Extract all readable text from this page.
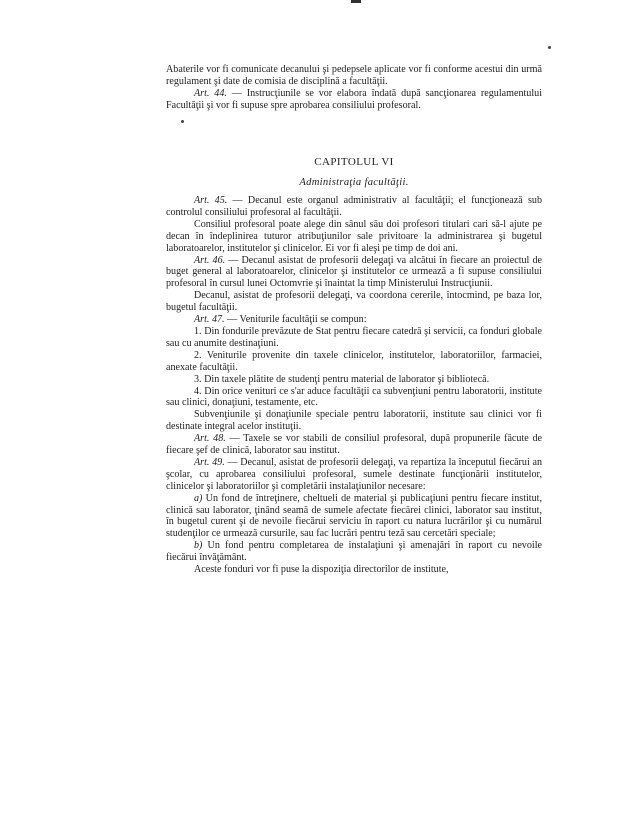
Abaterile vor fi comunicate decanului şi pedepsele aplicate vor fi conforme acestui din urmă regulament şi date de comisia de disciplină a facultăţii.

Art. 44. — Instrucţiunile se vor elabora îndată după sancţionarea regulamentului Facultăţii şi vor fi supuse spre aprobarea consiliului profesoral.

CAPITOLUL VI
Administraţia facultăţii.

Art. 45. — Decanul este organul administrativ al facultăţii; el funcţionează sub controlul consiliului profesoral al facultăţii.

Consiliul profesoral poate alege din sânul său doi profesori titulari cari să-l ajute pe decan în îndeplinirea tuturor atribuţiunilor sale privitoare la administrarea şi bugetul laboratoarelor, institutelor şi clinicelor. Ei vor fi aleşi pe timp de doi ani.

Art. 46. — Decanul asistat de profesorii delegaţi va alcătui în fiecare an proiectul de buget general al laboratoarelor, clinicelor şi institutelor ce urmează a fi supuse consiliului profesoral în cursul lunei Octomvrie şi înaintat la timp Ministerului Instrucţiunii.

Decanul, asistat de profesorii delegaţi, va coordona cererile, întocmind, pe baza lor, bugetul facultăţii.

Art. 47. — Veniturile facultăţii se compun:

1. Din fondurile prevăzute de Stat pentru fiecare catedră şi servicii, ca fonduri globale sau cu anumite destinaţiuni.

2. Veniturile provenite din taxele clinicelor, institutelor, laboratoriilor, farmaciei, anexate facultăţii.

3. Din taxele plătite de studenţi pentru material de laborator şi bibliotecă.

4. Din orice venituri ce s'ar aduce facultăţii ca subvenţiuni pentru laboratorii, institute sau clinici, donaţiuni, testamente, etc.

Subvenţiunile şi donaţiunile speciale pentru laboratorii, institute sau clinici vor fi destinate integral acelor instituţii.

Art. 48. — Taxele se vor stabili de consiliul profesoral, după propunerile făcute de fiecare şef de clinică, laborator sau institut.

Art. 49. — Decanul, asistat de profesorii delegaţi, va repartiza la începutul fiecărui an şcolar, cu aprobarea consiliului profesoral, sumele destinate funcţionării institutelor, clinicelor şi laboratoriilor şi completării instalaţiunilor necesare:

a) Un fond de întreţinere, cheltueli de material şi publicaţiuni pentru fiecare institut, clinică sau laborator, ţinând seamă de sumele afectate fiecărei clinici, laborator sau institut, în bugetul curent şi de nevoile fiecărui serviciu în raport cu natura lucrărilor şi cu numărul studenţilor ce urmează cursurile, sau fac lucrări pentru teză sau cercetări speciale;

b) Un fond pentru completarea de instalaţiuni şi amenajări în raport cu nevoile fiecărui învăţământ.

Aceste fonduri vor fi puse la dispoziţia directorilor de institute,
